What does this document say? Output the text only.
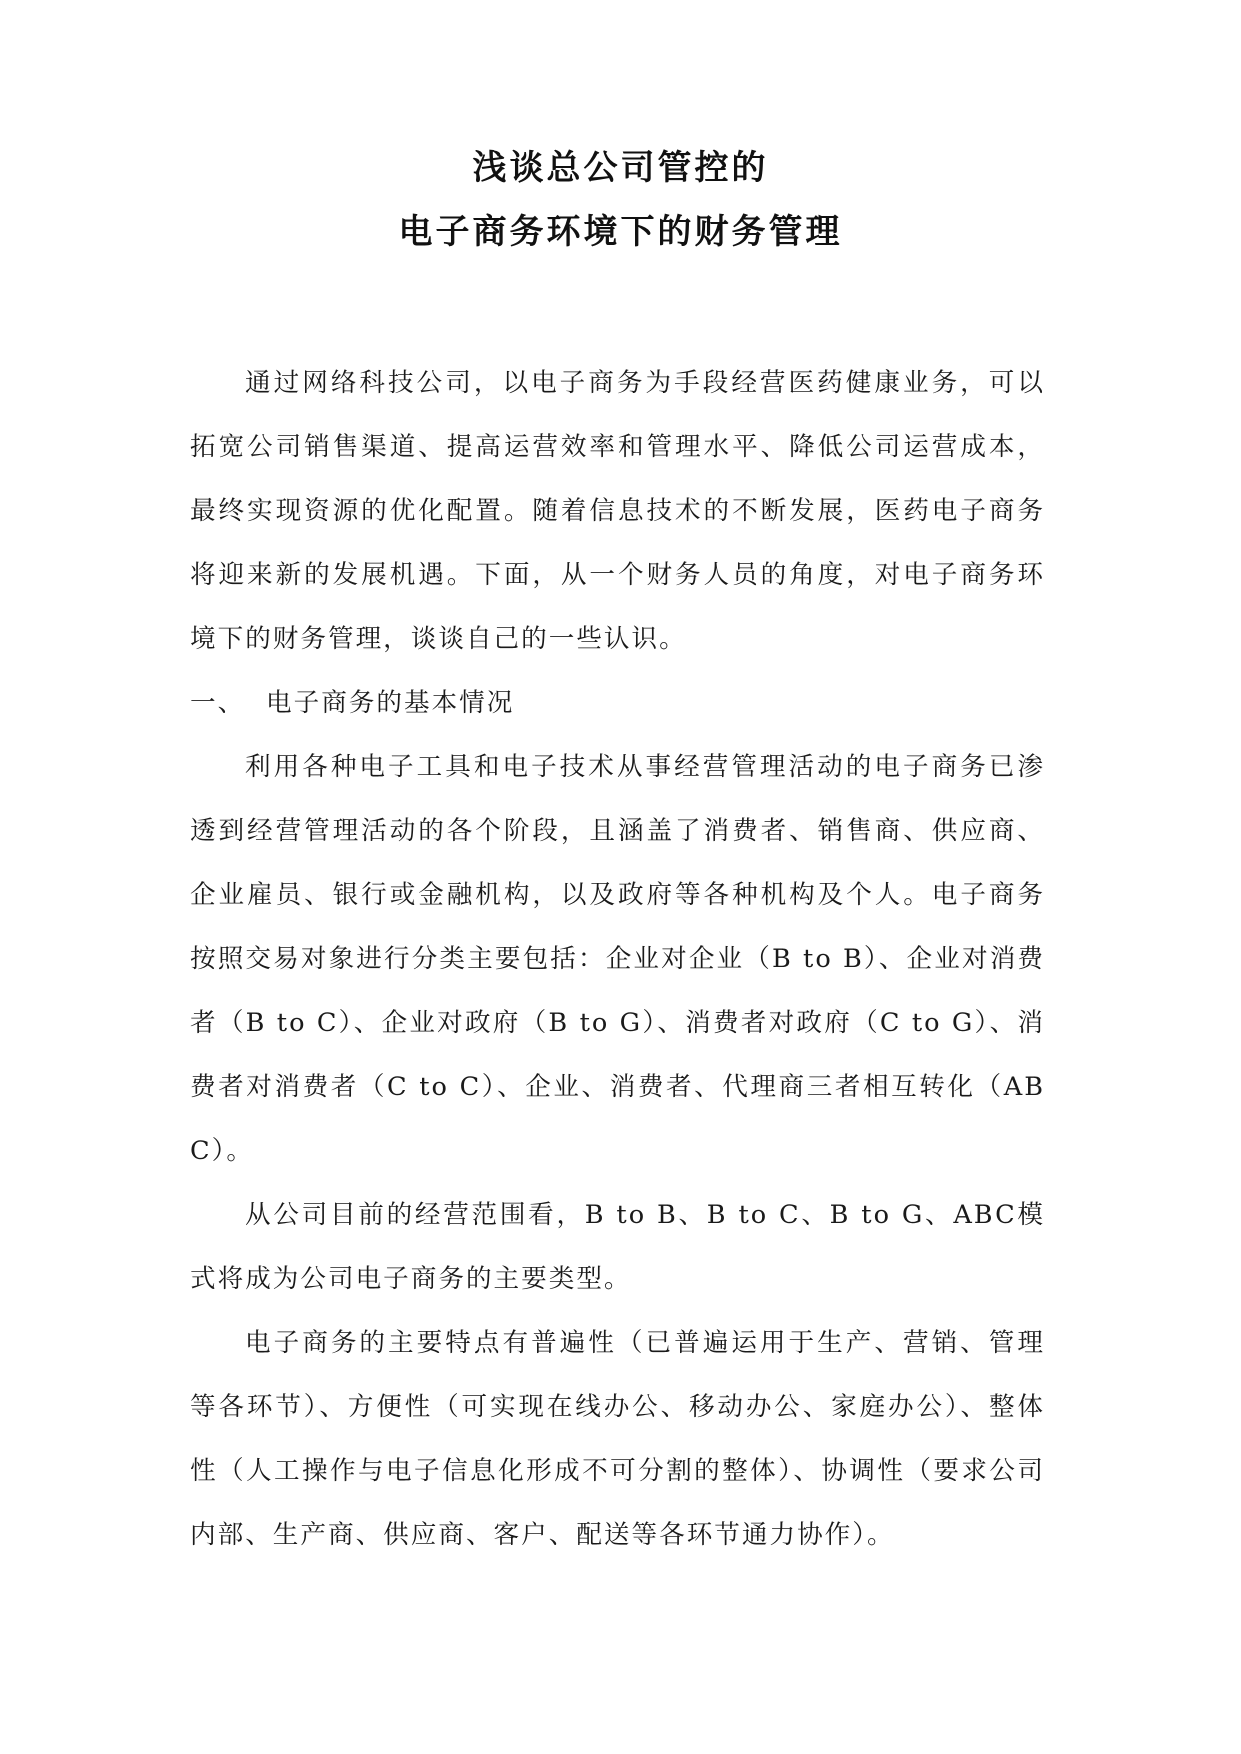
浅谈总公司管控的
电子商务环境下的财务管理

通过网络科技公司，以电子商务为手段经营医药健康业务，可以拓宽公司销售渠道、提高运营效率和管理水平、降低公司运营成本，最终实现资源的优化配置。随着信息技术的不断发展，医药电子商务将迎来新的发展机遇。下面，从一个财务人员的角度，对电子商务环境下的财务管理，谈谈自己的一些认识。

一、 电子商务的基本情况

利用各种电子工具和电子技术从事经营管理活动的电子商务已渗透到经营管理活动的各个阶段，且涵盖了消费者、销售商、供应商、企业雇员、银行或金融机构，以及政府等各种机构及个人。电子商务按照交易对象进行分类主要包括：企业对企业（B to B）、企业对消费者（B to C）、企业对政府（B to G）、消费者对政府（C to G）、消费者对消费者（C to C）、企业、消费者、代理商三者相互转化（ABC）。

从公司目前的经营范围看，B to B、B to C、B to G、ABC模式将成为公司电子商务的主要类型。

电子商务的主要特点有普遍性（已普遍运用于生产、营销、管理等各环节）、方便性（可实现在线办公、移动办公、家庭办公）、整体性（人工操作与电子信息化形成不可分割的整体）、协调性（要求公司内部、生产商、供应商、客户、配送等各环节通力协作）。
